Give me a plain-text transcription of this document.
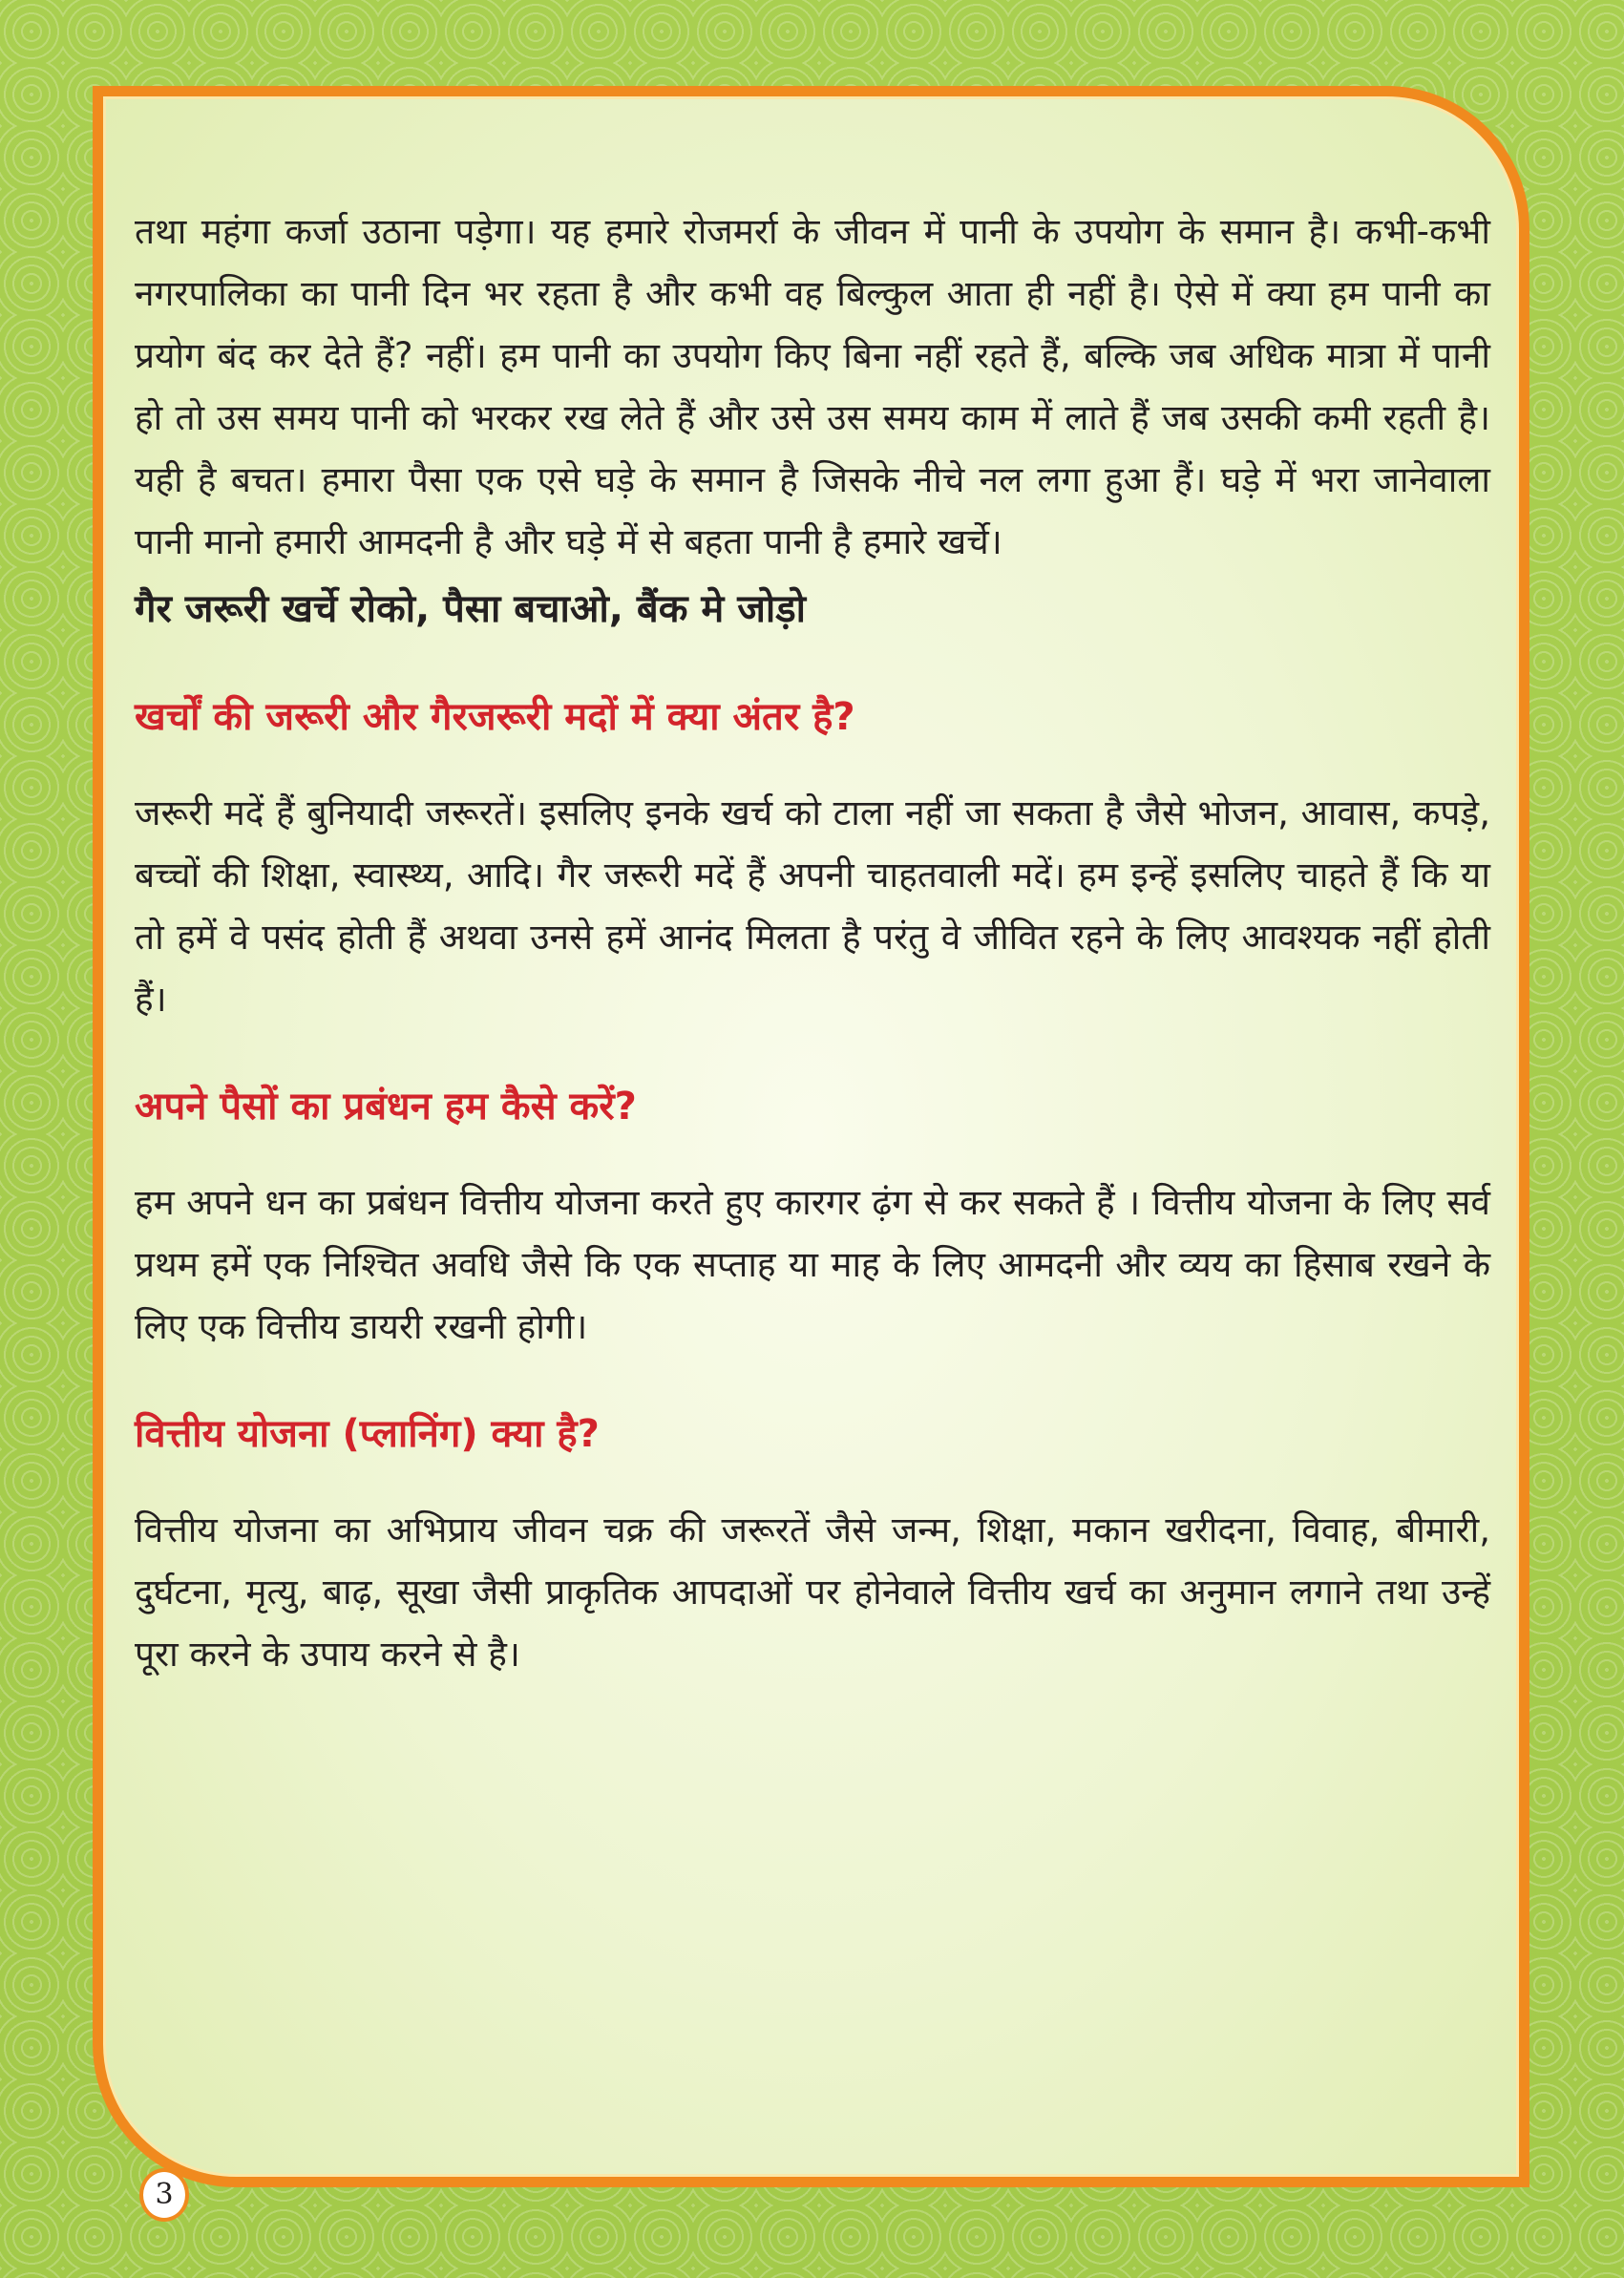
तथा महंगा कर्जा उठाना पड़ेगा। यह हमारे रोजमर्रा के जीवन में पानी के उपयोग के समान है। कभी-कभी नगरपालिका का पानी दिन भर रहता है और कभी वह बिल्कुल आता ही नहीं है। ऐसे में क्या हम पानी का प्रयोग बंद कर देते हैं? नहीं। हम पानी का उपयोग किए बिना नहीं रहते हैं, बल्कि जब अधिक मात्रा में पानी हो तो उस समय पानी को भरकर रख लेते हैं और उसे उस समय काम में लाते हैं जब उसकी कमी रहती है। यही है बचत। हमारा पैसा एक एसे घड़े के समान है जिसके नीचे नल लगा हुआ हैं। घड़े में भरा जानेवाला पानी मानो हमारी आमदनी है और घड़े में से बहता पानी है हमारे खर्चे।

गैर जरूरी खर्चे रोको, पैसा बचाओ, बैंक मे जोड़ो
खर्चों की जरूरी और गैरजरूरी मदों में क्या अंतर है?

जरूरी मदें हैं बुनियादी जरूरतें। इसलिए इनके खर्च को टाला नहीं जा सकता है जैसे भोजन, आवास, कपड़े, बच्चों की शिक्षा, स्वास्थ्य, आदि। गैर जरूरी मदें हैं अपनी चाहतवाली मदें। हम इन्हें इसलिए चाहते हैं कि या तो हमें वे पसंद होती हैं अथवा उनसे हमें आनंद मिलता है परंतु वे जीवित रहने के लिए आवश्यक नहीं होती हैं।

अपने पैसों का प्रबंधन हम कैसे करें?

हम अपने धन का प्रबंधन वित्तीय योजना करते हुए कारगर ढ़ंग से कर सकते हैं । वित्तीय योजना के लिए सर्व प्रथम हमें एक निश्चित अवधि जैसे कि एक सप्ताह या माह के लिए आमदनी और व्यय का हिसाब रखने के लिए एक वित्तीय डायरी रखनी होगी।

वित्तीय योजना (प्लानिंग) क्या है?

वित्तीय योजना का अभिप्राय जीवन चक्र की जरूरतें जैसे जन्म, शिक्षा, मकान खरीदना, विवाह, बीमारी, दुर्घटना, मृत्यु, बाढ़, सूखा जैसी प्राकृतिक आपदाओं पर होनेवाले वित्तीय खर्च का अनुमान लगाने तथा उन्हें पूरा करने के उपाय करने से है।

3
